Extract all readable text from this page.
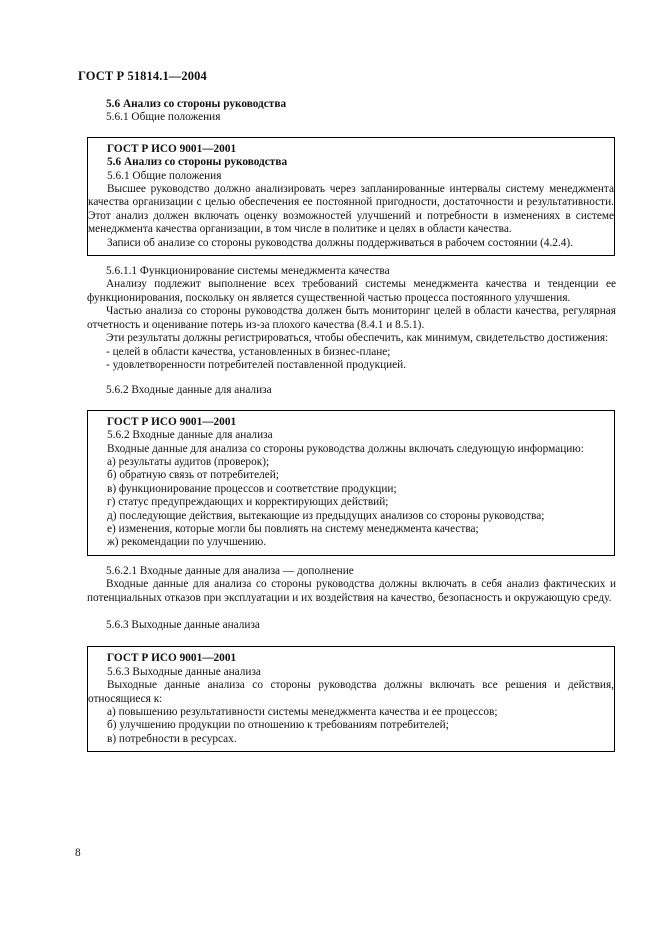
ГОСТ Р 51814.1—2004

5.6 Анализ со стороны руководства

5.6.1 Общие положения

ГОСТ Р ИСО 9001—2001

5.6 Анализ со стороны руководства

5.6.1 Общие положения

Высшее руководство должно анализировать через запланированные интервалы систему менеджмента качества организации с целью обеспечения ее постоянной пригодности, достаточности и результативности. Этот анализ должен включать оценку возможностей улучшений и потребности в изменениях в системе менеджмента качества организации, в том числе в политике и целях в области качества.

Записи об анализе со стороны руководства должны поддерживаться в рабочем состоянии (4.2.4).

5.6.1.1 Функционирование системы менеджмента качества

Анализу подлежит выполнение всех требований системы менеджмента качества и тенденции ее функционирования, поскольку он является существенной частью процесса постоянного улучшения.

Частью анализа со стороны руководства должен быть мониторинг целей в области качества, регулярная отчетность и оценивание потерь из-за плохого качества (8.4.1 и 8.5.1).

Эти результаты должны регистрироваться, чтобы обеспечить, как минимум, свидетельство достижения:

- целей в области качества, установленных в бизнес-плане;

- удовлетворенности потребителей поставленной продукцией.

5.6.2 Входные данные для анализа

ГОСТ Р ИСО 9001—2001

5.6.2 Входные данные для анализа

Входные данные для анализа со стороны руководства должны включать следующую информацию:

а) результаты аудитов (проверок);

б) обратную связь от потребителей;

в) функционирование процессов и соответствие продукции;

г) статус предупреждающих и корректирующих действий;

д) последующие действия, вытекающие из предыдущих анализов со стороны руководства;

е) изменения, которые могли бы повлиять на систему менеджмента качества;

ж) рекомендации по улучшению.

5.6.2.1 Входные данные для анализа — дополнение

Входные данные для анализа со стороны руководства должны включать в себя анализ фактических и потенциальных отказов при эксплуатации и их воздействия на качество, безопасность и окружающую среду.

5.6.3 Выходные данные анализа

ГОСТ Р ИСО 9001—2001

5.6.3 Выходные данные анализа

Выходные данные анализа со стороны руководства должны включать все решения и действия, относящиеся к:

а) повышению результативности системы менеджмента качества и ее процессов;

б) улучшению продукции по отношению к требованиям потребителей;

в) потребности в ресурсах.

8
